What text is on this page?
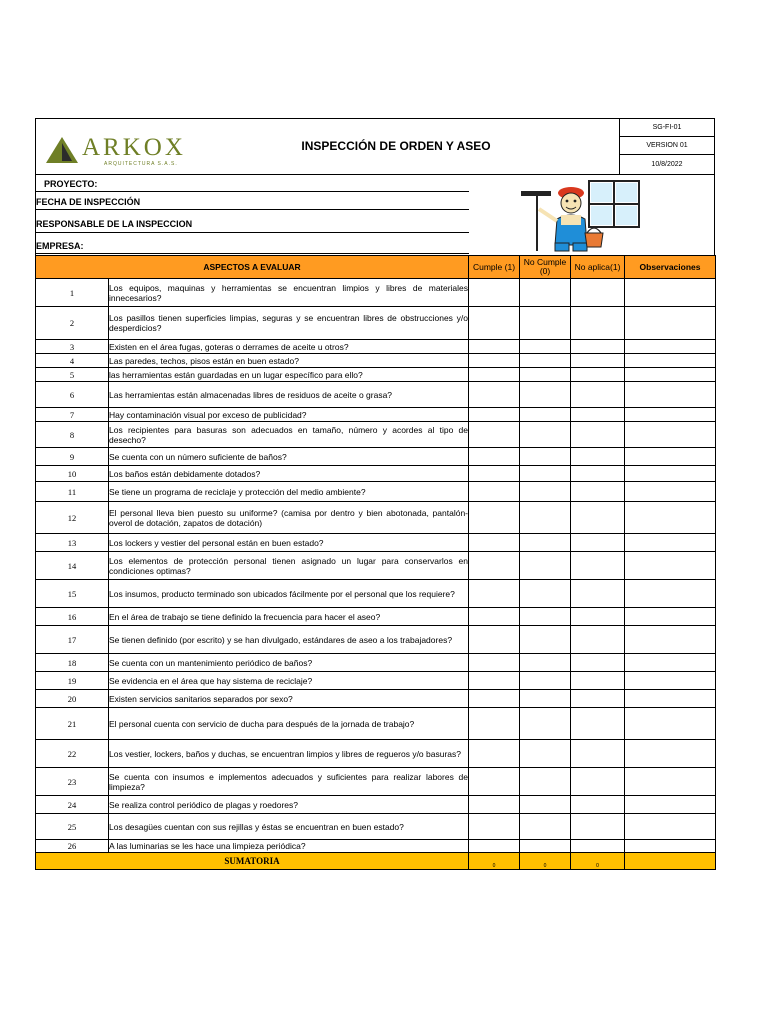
ARKOX
ARQUITECTURA S.A.S.
INSPECCIÓN DE ORDEN Y ASEO
SG-FI-01
VERSION 01
10/8/2022
PROYECTO:
FECHA DE INSPECCIÓN
RESPONSABLE DE LA INSPECCION
EMPRESA:
ASPECTOS A EVALUAR		Cumple (1)	No Cumple (0)	No aplica(1)	Observaciones
1	Los equipos, maquinas y herramientas se encuentran limpios y libres de materiales innecesarios?				
2	Los pasillos tienen superficies limpias, seguras y se encuentran libres de obstrucciones y/o desperdicios?				
3	Existen en el área fugas, goteras o derrames de aceite u otros?				
4	Las paredes, techos, pisos están en buen estado?				
5	las herramientas están guardadas en un lugar específico para ello?				
6	Las herramientas están almacenadas libres de residuos de aceite o grasa?				
7	Hay contaminación visual por exceso de publicidad?				
8	Los recipientes para basuras son adecuados en tamaño, número y acordes al tipo de desecho?				
9	Se cuenta con un número suficiente de baños?				
10	Los baños están debidamente dotados?				
11	Se tiene un programa de reciclaje y protección del medio ambiente?				
12	El personal lleva bien puesto su uniforme? (camisa por dentro y bien abotonada, pantalón-overol de dotación, zapatos de dotación)				
13	Los lockers y vestier del personal están en buen estado?				
14	Los elementos de protección personal tienen asignado un lugar para conservarlos en condiciones optimas?				
15	Los insumos, producto terminado son ubicados fácilmente por el personal que los requiere?				
16	En el área de trabajo se tiene definido la frecuencia para hacer el aseo?				
17	Se tienen definido (por escrito) y se han divulgado, estándares de aseo a los trabajadores?				
18	Se cuenta con un mantenimiento periódico de baños?				
19	Se evidencia en el área que hay sistema de reciclaje?				
20	Existen servicios sanitarios separados por sexo?				
21	El personal cuenta con servicio de ducha para después de la jornada de trabajo?				
22	Los vestier, lockers, baños y duchas, se encuentran limpios y libres de regueros y/o basuras?				
23	Se cuenta con insumos e implementos adecuados y suficientes para realizar labores de limpieza?				
24	Se realiza control periódico de plagas y roedores?				
25	Los desagües cuentan con sus rejillas y éstas se encuentran en buen estado?				
26	A las luminarias se les hace una limpieza periódica?				
SUMATORIA		0	0	0	
